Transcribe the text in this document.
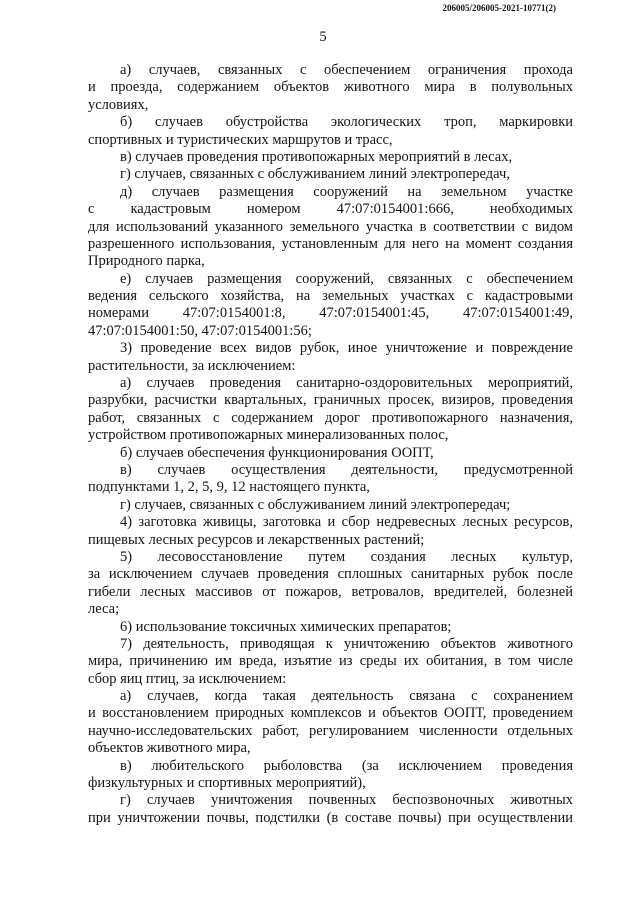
206005/206005-2021-10771(2)
5
а) случаев, связанных с обеспечением ограничения прохода
и проезда, содержанием объектов животного мира в полувольных
условиях,
б) случаев обустройства экологических троп, маркировки
спортивных и туристических маршрутов и трасс,
в) случаев проведения противопожарных мероприятий в лесах,
г) случаев, связанных с обслуживанием линий электропередач,
д) случаев размещения сооружений на земельном участке
с кадастровым номером 47:07:0154001:666, необходимых
для использований указанного земельного участка в соответствии с видом
разрешенного использования, установленным для него на момент создания
Природного парка,
е) случаев размещения сооружений, связанных с обеспечением
ведения сельского хозяйства, на земельных участках с кадастровыми
номерами 47:07:0154001:8, 47:07:0154001:45, 47:07:0154001:49,
47:07:0154001:50, 47:07:0154001:56;
3) проведение всех видов рубок, иное уничтожение и повреждение
растительности, за исключением:
а) случаев проведения санитарно-оздоровительных мероприятий,
разрубки, расчистки квартальных, граничных просек, визиров, проведения
работ, связанных с содержанием дорог противопожарного назначения,
устройством противопожарных минерализованных полос,
б) случаев обеспечения функционирования ООПТ,
в) случаев осуществления деятельности, предусмотренной
подпунктами 1, 2, 5, 9, 12 настоящего пункта,
г) случаев, связанных с обслуживанием линий электропередач;
4) заготовка живицы, заготовка и сбор недревесных лесных ресурсов,
пищевых лесных ресурсов и лекарственных растений;
5) лесовосстановление путем создания лесных культур,
за исключением случаев проведения сплошных санитарных рубок после
гибели лесных массивов от пожаров, ветровалов, вредителей, болезней
леса;
6) использование токсичных химических препаратов;
7) деятельность, приводящая к уничтожению объектов животного
мира, причинению им вреда, изъятие из среды их обитания, в том числе
сбор яиц птиц, за исключением:
а) случаев, когда такая деятельность связана с сохранением
и восстановлением природных комплексов и объектов ООПТ, проведением
научно-исследовательских работ, регулированием численности отдельных
объектов животного мира,
в) любительского рыболовства (за исключением проведения
физкультурных и спортивных мероприятий),
г) случаев уничтожения почвенных беспозвоночных животных
при уничтожении почвы, подстилки (в составе почвы) при осуществлении
